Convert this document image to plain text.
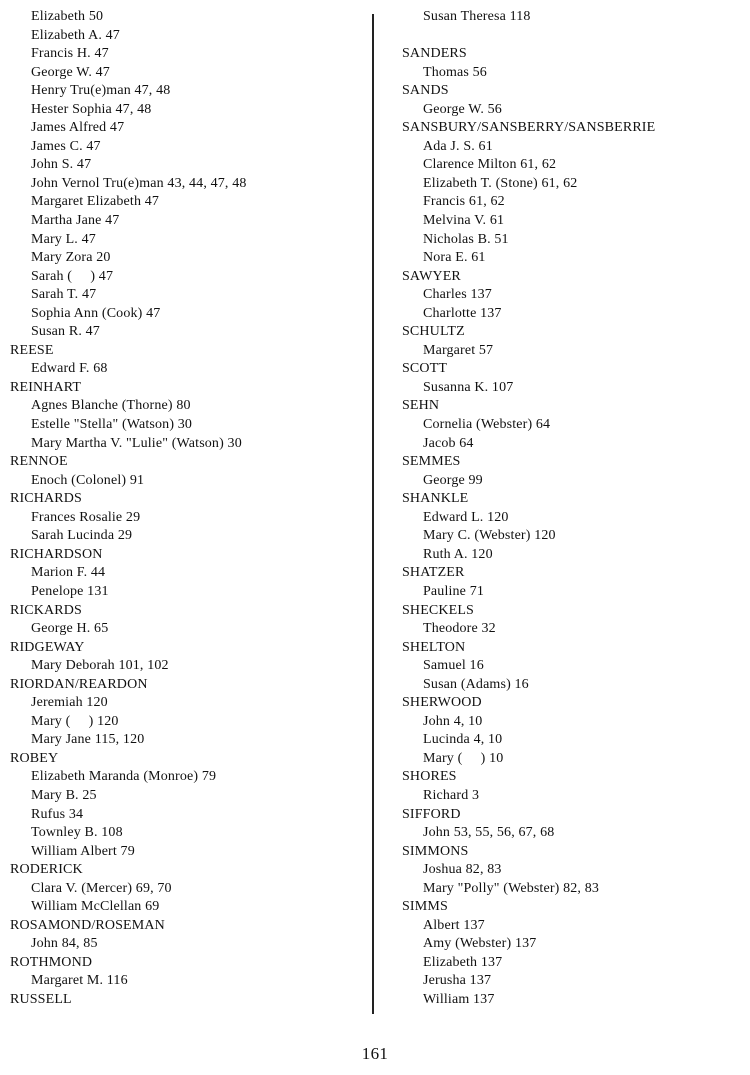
Elizabeth 50
Elizabeth A. 47
Francis H. 47
George W. 47
Henry Tru(e)man 47, 48
Hester Sophia 47, 48
James Alfred 47
James C. 47
John S. 47
John Vernol Tru(e)man 43, 44, 47, 48
Margaret Elizabeth 47
Martha Jane 47
Mary L. 47
Mary Zora 20
Sarah (     ) 47
Sarah T. 47
Sophia Ann (Cook) 47
Susan R. 47
REESE
Edward F. 68
REINHART
Agnes Blanche (Thorne) 80
Estelle "Stella" (Watson) 30
Mary Martha V. "Lulie" (Watson) 30
RENNOE
Enoch (Colonel) 91
RICHARDS
Frances Rosalie 29
Sarah Lucinda 29
RICHARDSON
Marion F. 44
Penelope 131
RICKARDS
George H. 65
RIDGEWAY
Mary Deborah 101, 102
RIORDAN/REARDON
Jeremiah 120
Mary (     ) 120
Mary Jane 115, 120
ROBEY
Elizabeth Maranda (Monroe) 79
Mary B. 25
Rufus 34
Townley B. 108
William Albert 79
RODERICK
Clara V. (Mercer) 69, 70
William McClellan 69
ROSAMOND/ROSEMAN
John 84, 85
ROTHMOND
Margaret M. 116
RUSSELL
Susan Theresa 118
SANDERS
Thomas 56
SANDS
George W. 56
SANSBURY/SANSBERRY/SANSBERRIE
Ada J. S. 61
Clarence Milton 61, 62
Elizabeth T. (Stone) 61, 62
Francis 61, 62
Melvina V. 61
Nicholas B. 51
Nora E. 61
SAWYER
Charles 137
Charlotte 137
SCHULTZ
Margaret 57
SCOTT
Susanna K. 107
SEHN
Cornelia (Webster) 64
Jacob 64
SEMMES
George 99
SHANKLE
Edward L. 120
Mary C. (Webster) 120
Ruth A. 120
SHATZER
Pauline 71
SHECKELS
Theodore 32
SHELTON
Samuel 16
Susan (Adams) 16
SHERWOOD
John 4, 10
Lucinda 4, 10
Mary (     ) 10
SHORES
Richard 3
SIFFORD
John 53, 55, 56, 67, 68
SIMMONS
Joshua 82, 83
Mary "Polly" (Webster) 82, 83
SIMMS
Albert 137
Amy (Webster) 137
Elizabeth 137
Jerusha 137
William 137
161
